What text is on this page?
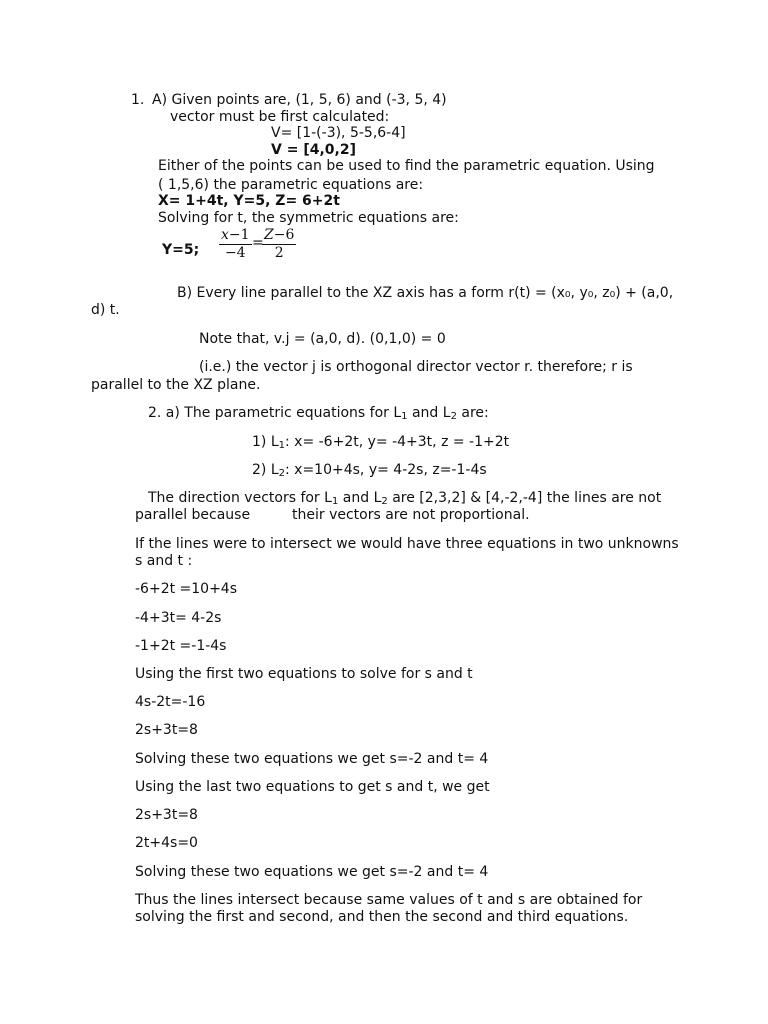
1. A) Given points are, (1, 5, 6) and (-3, 5, 4)
vector must be first calculated:
V= [1-(-3), 5-5,6-4]
V = [4,0,2]
Either of the points can be used to find the parametric equation. Using
( 1,5,6) the parametric equations are:
X= 1+4t, Y=5, Z= 6+2t
Solving for t, the symmetric equations are:
Y=5; $\frac{x-1}{-4}$ =
$\frac{Z-6}{2}$
B) Every line parallel to the XZ axis has a form r(t) = (x₀, y₀, z₀) + (a,0,
d) t.
Note that, v.j = (a,0, d). (0,1,0) = 0
(i.e.) the vector j is orthogonal director vector r. therefore; r is
parallel to the XZ plane.
2. a) The parametric equations for $L_1$ and $L_2$ are:
1) $L_1$: x= -6+2t, y= -4+3t, z = -1+2t
2) $L_2$: x=10+4s, y= 4-2s, z=-1-4s
The direction vectors for $L_1$ and $L_2$ are [2,3,2] & [4,-2,-4] the lines are not
parallel because	their vectors are not proportional.
If the lines were to intersect we would have three equations in two unknowns
s and t :
-6+2t =10+4s
-4+3t= 4-2s
-1+2t =-1-4s
Using the first two equations to solve for s and t
4s-2t=-16
2s+3t=8
Solving these two equations we get s=-2 and t= 4
Using the last two equations to get s and t, we get
2s+3t=8
2t+4s=0
Solving these two equations we get s=-2 and t= 4
Thus the lines intersect because same values of t and s are obtained for
solving the first and second, and then the second and third equations.
